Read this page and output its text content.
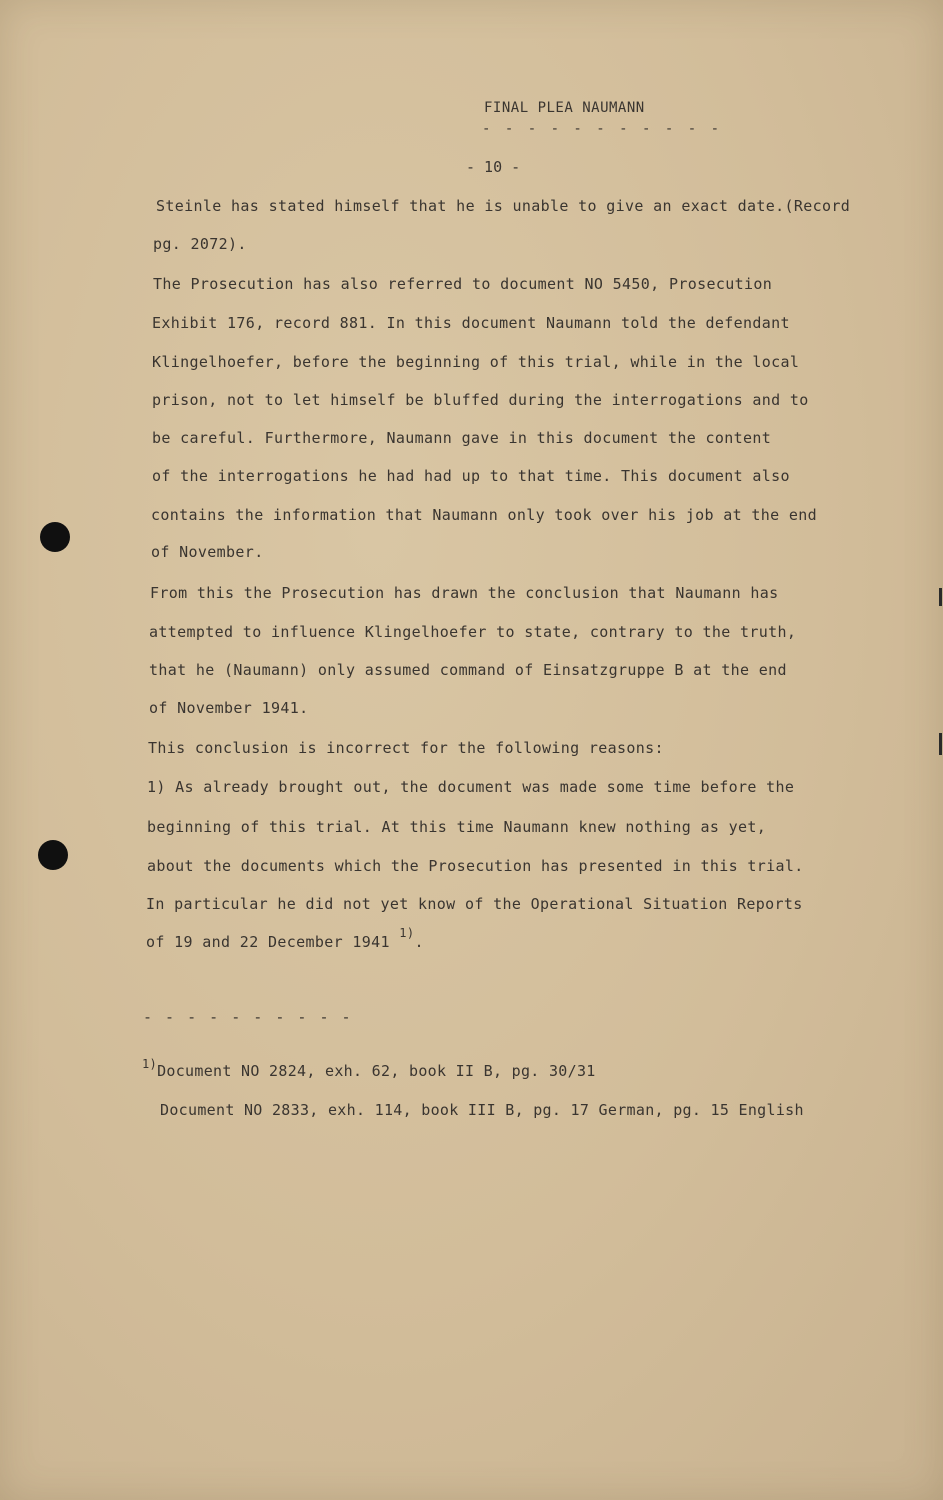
FINAL PLEA NAUMANN
- - - - - - - - - - -
- 10 -
Steinle has stated himself that he is unable to give an exact date.(Record
pg. 2072).
The Prosecution has also referred to document NO 5450, Prosecution
Exhibit 176, record 881. In this document Naumann told the defendant
Klingelhoefer, before the beginning of this trial, while in the local
prison, not to let himself be bluffed during the interrogations and to
be careful. Furthermore, Naumann gave in this document the content
of the interrogations he had had up to that time. This document also
contains the information that Naumann only took over his job at the end
of November.
From this the Prosecution has drawn the conclusion that Naumann has
attempted to influence Klingelhoefer to state, contrary to the truth,
that he (Naumann) only assumed command of Einsatzgruppe B at the end
of November 1941.
This conclusion is incorrect for the following reasons:
1) As already brought out, the document was made some time before the
beginning of this trial. At this time Naumann knew nothing as yet,
about the documents which the Prosecution has presented in this trial.
In particular he did not yet know of the Operational Situation Reports
of 19 and 22 December 1941 $^{1)}$.
- - - - - - - - - -
$^{1)}$Document NO 2824, exh. 62, book II B, pg. 30/31
Document NO 2833, exh. 114, book III B, pg. 17 German, pg. 15 English
